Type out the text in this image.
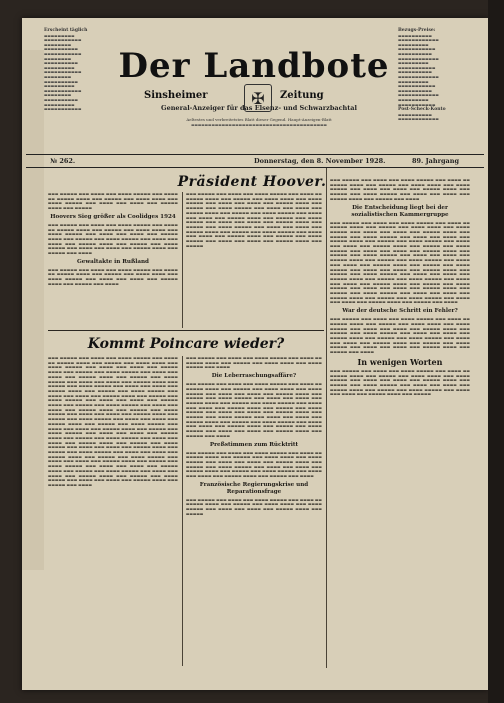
Erscheint täglich
▬▬▬▬▬▬▬▬▬
▬▬▬▬▬▬▬▬▬▬▬
▬▬▬▬▬▬▬▬
▬▬▬▬▬▬▬▬▬▬
▬▬▬▬▬▬▬▬▬▬▬
▬▬▬▬▬▬▬▬
▬▬▬▬▬▬▬▬▬▬
▬▬▬▬▬▬▬▬▬
▬▬▬▬▬▬▬▬▬▬▬
▬▬▬▬▬▬▬▬
▬▬▬▬▬▬▬▬▬▬
▬▬▬▬▬▬▬▬▬
▬▬▬▬▬▬▬▬▬▬▬
▬▬▬▬▬▬▬▬
▬▬▬▬▬▬▬▬▬▬
▬▬▬▬▬▬▬▬▬
▬▬▬▬▬▬▬▬▬▬▬
Der Landbote
Sinsheimer	✠	Zeitung
General-Anzeiger für das Elsenz- und Schwarzbachtal
Aeltestes und verbreitetstes Blatt dieser Gegend. Haupt-Anzeigen-Blatt
▬▬▬▬▬▬▬▬▬▬▬▬▬▬▬▬▬▬▬▬▬▬▬▬▬▬▬▬▬▬▬▬▬▬▬▬▬▬▬▬
Bezugs-Preise:
▬▬▬▬▬▬▬▬▬▬
▬▬▬▬▬▬▬▬▬▬▬▬
▬▬▬▬▬▬▬▬▬
▬▬▬▬▬▬▬▬▬▬▬
▬▬▬▬▬▬▬▬▬▬
▬▬▬▬▬▬▬▬▬▬▬▬
▬▬▬▬▬▬▬▬▬
▬▬▬▬▬▬▬▬▬▬▬
▬▬▬▬▬▬▬▬▬▬
▬▬▬▬▬▬▬▬▬▬▬▬
▬▬▬▬▬▬▬▬▬
▬▬▬▬▬▬▬▬▬▬▬
▬▬▬▬▬▬▬▬▬▬
▬▬▬▬▬▬▬▬▬▬▬▬
▬▬▬▬▬▬▬▬▬
▬▬▬▬▬▬▬▬▬▬▬
Post-Scheck-Konto
▬▬▬▬▬▬▬▬▬▬
▬▬▬▬▬▬▬▬▬▬▬▬
№ 262.	Donnerstag, den 8. November 1928.	89. Jahrgang
Präsident Hoover.
▬▬▬ ▬▬▬▬▬ ▬▬▬ ▬▬▬▬ ▬▬▬ ▬▬▬▬ ▬▬▬▬▬ ▬▬▬ ▬▬▬▬ ▬▬ ▬▬▬▬▬ ▬▬▬▬ ▬▬▬ ▬▬▬▬▬ ▬▬▬ ▬▬▬▬ ▬▬▬▬ ▬▬▬ ▬▬▬▬ ▬▬▬▬▬ ▬▬▬ ▬▬▬▬ ▬▬▬ ▬▬▬▬ ▬▬▬ ▬▬▬▬▬ ▬▬▬▬ ▬▬▬ ▬▬▬▬▬
Hoovers Sieg größer als Coolidges 1924
▬▬▬ ▬▬▬▬▬ ▬▬▬ ▬▬▬▬ ▬▬▬ ▬▬▬▬ ▬▬▬▬▬ ▬▬▬ ▬▬▬▬ ▬▬ ▬▬▬▬▬ ▬▬▬▬ ▬▬▬ ▬▬▬▬▬ ▬▬▬ ▬▬▬▬ ▬▬▬▬ ▬▬▬ ▬▬▬▬ ▬▬▬▬▬ ▬▬▬ ▬▬▬▬ ▬▬▬ ▬▬▬▬ ▬▬▬ ▬▬▬▬▬ ▬▬▬▬ ▬▬▬ ▬▬▬▬▬ ▬▬▬ ▬▬▬▬ ▬▬▬▬▬ ▬▬▬ ▬▬▬▬ ▬▬▬ ▬▬▬▬ ▬▬▬ ▬▬▬▬▬ ▬▬▬▬ ▬▬▬ ▬▬▬▬▬ ▬▬▬ ▬▬▬▬ ▬▬▬▬▬ ▬▬▬ ▬▬▬▬ ▬▬▬ ▬▬▬▬ ▬▬▬ ▬▬▬▬▬ ▬▬▬▬ ▬▬▬ ▬▬▬▬▬ ▬▬▬ ▬▬▬▬
Gewaltakte in Rußland
▬▬▬ ▬▬▬▬▬ ▬▬▬ ▬▬▬▬ ▬▬▬ ▬▬▬▬ ▬▬▬▬▬ ▬▬▬ ▬▬▬▬ ▬▬ ▬▬▬▬▬ ▬▬▬▬ ▬▬▬ ▬▬▬▬▬ ▬▬▬ ▬▬▬▬ ▬▬▬▬ ▬▬▬ ▬▬▬▬ ▬▬▬▬▬ ▬▬▬ ▬▬▬▬ ▬▬▬ ▬▬▬▬ ▬▬▬ ▬▬▬▬▬ ▬▬▬▬ ▬▬▬ ▬▬▬▬▬ ▬▬▬ ▬▬▬▬
▬▬▬ ▬▬▬▬▬ ▬▬▬ ▬▬▬▬ ▬▬▬ ▬▬▬▬ ▬▬▬▬▬ ▬▬▬ ▬▬▬▬ ▬▬ ▬▬▬▬▬ ▬▬▬▬ ▬▬▬ ▬▬▬▬▬ ▬▬▬ ▬▬▬▬ ▬▬▬▬ ▬▬▬ ▬▬▬▬ ▬▬▬▬▬ ▬▬▬ ▬▬▬▬ ▬▬▬ ▬▬▬▬ ▬▬▬ ▬▬▬▬▬ ▬▬▬▬ ▬▬▬ ▬▬▬▬▬ ▬▬▬ ▬▬▬▬ ▬▬▬▬▬ ▬▬▬ ▬▬▬▬ ▬▬▬ ▬▬▬▬ ▬▬▬ ▬▬▬▬▬ ▬▬▬▬ ▬▬▬ ▬▬▬▬▬ ▬▬▬ ▬▬▬▬ ▬▬▬▬▬ ▬▬▬ ▬▬▬▬ ▬▬▬ ▬▬▬▬ ▬▬▬ ▬▬▬▬▬ ▬▬▬▬ ▬▬▬ ▬▬▬▬▬ ▬▬▬ ▬▬▬▬ ▬▬▬▬▬ ▬▬▬ ▬▬▬▬ ▬▬▬ ▬▬▬▬ ▬▬▬ ▬▬▬▬▬ ▬▬▬▬ ▬▬▬ ▬▬▬▬▬ ▬▬▬ ▬▬▬▬ ▬▬▬▬▬ ▬▬▬ ▬▬▬▬ ▬▬▬ ▬▬▬▬ ▬▬▬ ▬▬▬▬▬ ▬▬▬▬ ▬▬▬ ▬▬▬▬▬ ▬▬▬ ▬▬▬▬ ▬▬▬▬▬ ▬▬▬ ▬▬▬▬ ▬▬▬ ▬▬▬▬ ▬▬▬ ▬▬▬▬▬ ▬▬▬▬ ▬▬▬ ▬▬▬▬▬ ▬▬▬ ▬▬▬▬ ▬▬▬▬▬ ▬▬▬ ▬▬▬▬ ▬▬▬ ▬▬▬▬ ▬▬▬ ▬▬▬▬▬ ▬▬▬▬ ▬▬▬ ▬▬▬▬▬
▬▬▬ ▬▬▬▬▬ ▬▬▬ ▬▬▬▬ ▬▬▬ ▬▬▬▬ ▬▬▬▬▬ ▬▬▬ ▬▬▬▬ ▬▬ ▬▬▬▬▬ ▬▬▬▬ ▬▬▬ ▬▬▬▬▬ ▬▬▬ ▬▬▬▬ ▬▬▬▬ ▬▬▬ ▬▬▬▬ ▬▬▬▬▬ ▬▬▬ ▬▬▬▬ ▬▬▬ ▬▬▬▬ ▬▬▬ ▬▬▬▬▬ ▬▬▬▬ ▬▬▬ ▬▬▬▬▬ ▬▬▬ ▬▬▬▬ ▬▬▬▬▬ ▬▬▬ ▬▬▬▬ ▬▬▬ ▬▬▬▬ ▬▬▬ ▬▬▬▬▬ ▬▬▬▬ ▬▬▬ ▬▬▬▬▬ ▬▬▬ ▬▬▬▬
Die Entscheidung liegt bei der sozialistischen Kammergruppe
▬▬▬ ▬▬▬▬▬ ▬▬▬ ▬▬▬▬ ▬▬▬ ▬▬▬▬ ▬▬▬▬▬ ▬▬▬ ▬▬▬▬ ▬▬ ▬▬▬▬▬ ▬▬▬▬ ▬▬▬ ▬▬▬▬▬ ▬▬▬ ▬▬▬▬ ▬▬▬▬ ▬▬▬ ▬▬▬▬ ▬▬▬▬▬ ▬▬▬ ▬▬▬▬ ▬▬▬ ▬▬▬▬ ▬▬▬ ▬▬▬▬▬ ▬▬▬▬ ▬▬▬ ▬▬▬▬▬ ▬▬▬ ▬▬▬▬ ▬▬▬▬▬ ▬▬▬ ▬▬▬▬ ▬▬▬ ▬▬▬▬ ▬▬▬ ▬▬▬▬▬ ▬▬▬▬ ▬▬▬ ▬▬▬▬▬ ▬▬▬ ▬▬▬▬ ▬▬▬▬▬ ▬▬▬ ▬▬▬▬ ▬▬▬ ▬▬▬▬ ▬▬▬ ▬▬▬▬▬ ▬▬▬▬ ▬▬▬ ▬▬▬▬▬ ▬▬▬ ▬▬▬▬ ▬▬▬▬▬ ▬▬▬ ▬▬▬▬ ▬▬▬ ▬▬▬▬ ▬▬▬ ▬▬▬▬▬ ▬▬▬▬ ▬▬▬ ▬▬▬▬▬ ▬▬▬ ▬▬▬▬ ▬▬▬▬▬ ▬▬▬ ▬▬▬▬ ▬▬▬ ▬▬▬▬ ▬▬▬ ▬▬▬▬▬ ▬▬▬▬ ▬▬▬ ▬▬▬▬▬ ▬▬▬ ▬▬▬▬ ▬▬▬▬▬ ▬▬▬ ▬▬▬▬ ▬▬▬ ▬▬▬▬ ▬▬▬ ▬▬▬▬▬ ▬▬▬▬ ▬▬▬ ▬▬▬▬▬ ▬▬▬ ▬▬▬▬ ▬▬▬▬▬ ▬▬▬ ▬▬▬▬ ▬▬▬ ▬▬▬▬ ▬▬▬ ▬▬▬▬▬ ▬▬▬▬ ▬▬▬ ▬▬▬▬▬ ▬▬▬ ▬▬▬▬ ▬▬▬▬▬ ▬▬▬ ▬▬▬▬ ▬▬▬ ▬▬▬▬ ▬▬▬ ▬▬▬▬▬ ▬▬▬▬ ▬▬▬ ▬▬▬▬▬ ▬▬▬ ▬▬▬▬ ▬▬▬▬▬ ▬▬▬ ▬▬▬▬ ▬▬▬ ▬▬▬▬ ▬▬▬ ▬▬▬▬▬ ▬▬▬▬ ▬▬▬ ▬▬▬▬▬ ▬▬▬ ▬▬▬▬ ▬▬▬▬▬ ▬▬▬ ▬▬▬▬ ▬▬▬ ▬▬▬▬ ▬▬▬ ▬▬▬▬▬ ▬▬▬▬ ▬▬▬ ▬▬▬▬▬ ▬▬▬ ▬▬▬▬ ▬▬▬▬▬ ▬▬▬ ▬▬▬▬ ▬▬▬ ▬▬▬▬ ▬▬▬ ▬▬▬▬▬ ▬▬▬▬ ▬▬▬ ▬▬▬▬▬ ▬▬▬ ▬▬▬▬ ▬▬▬▬▬ ▬▬▬ ▬▬▬▬ ▬▬▬ ▬▬▬▬ ▬▬▬ ▬▬▬▬▬ ▬▬▬▬ ▬▬▬ ▬▬▬▬▬ ▬▬▬ ▬▬▬▬
War der deutsche Schritt ein Fehler?
▬▬▬ ▬▬▬▬▬ ▬▬▬ ▬▬▬▬ ▬▬▬ ▬▬▬▬ ▬▬▬▬▬ ▬▬▬ ▬▬▬▬ ▬▬ ▬▬▬▬▬ ▬▬▬▬ ▬▬▬ ▬▬▬▬▬ ▬▬▬ ▬▬▬▬ ▬▬▬▬ ▬▬▬ ▬▬▬▬ ▬▬▬▬▬ ▬▬▬ ▬▬▬▬ ▬▬▬ ▬▬▬▬ ▬▬▬ ▬▬▬▬▬ ▬▬▬▬ ▬▬▬ ▬▬▬▬▬ ▬▬▬ ▬▬▬▬ ▬▬▬▬▬ ▬▬▬ ▬▬▬▬ ▬▬▬ ▬▬▬▬ ▬▬▬ ▬▬▬▬▬ ▬▬▬▬ ▬▬▬ ▬▬▬▬▬ ▬▬▬ ▬▬▬▬ ▬▬▬▬▬ ▬▬▬ ▬▬▬▬ ▬▬▬ ▬▬▬▬ ▬▬▬ ▬▬▬▬▬ ▬▬▬▬ ▬▬▬ ▬▬▬▬▬ ▬▬▬ ▬▬▬▬ ▬▬▬▬▬ ▬▬▬ ▬▬▬▬ ▬▬▬ ▬▬▬▬ ▬▬▬ ▬▬▬▬▬ ▬▬▬▬ ▬▬▬ ▬▬▬▬▬ ▬▬▬ ▬▬▬▬
In wenigen Worten
▬▬▬ ▬▬▬▬▬ ▬▬▬ ▬▬▬▬ ▬▬▬ ▬▬▬▬ ▬▬▬▬▬ ▬▬▬ ▬▬▬▬ ▬▬ ▬▬▬▬▬ ▬▬▬▬ ▬▬▬ ▬▬▬▬▬ ▬▬▬ ▬▬▬▬ ▬▬▬▬ ▬▬▬ ▬▬▬▬ ▬▬▬▬▬ ▬▬▬ ▬▬▬▬ ▬▬▬ ▬▬▬▬ ▬▬▬ ▬▬▬▬▬ ▬▬▬▬ ▬▬▬ ▬▬▬▬▬ ▬▬▬ ▬▬▬▬ ▬▬▬▬▬ ▬▬▬ ▬▬▬▬ ▬▬▬ ▬▬▬▬ ▬▬▬ ▬▬▬▬▬ ▬▬▬▬ ▬▬▬ ▬▬▬▬▬ ▬▬▬ ▬▬▬▬ ▬▬▬▬▬ ▬▬▬ ▬▬▬▬ ▬▬▬ ▬▬▬▬ ▬▬▬ ▬▬▬▬▬ ▬▬▬▬ ▬▬▬ ▬▬▬▬▬
Kommt Poincare wieder?
▬▬▬ ▬▬▬▬▬ ▬▬▬ ▬▬▬▬ ▬▬▬ ▬▬▬▬ ▬▬▬▬▬ ▬▬▬ ▬▬▬▬ ▬▬ ▬▬▬▬▬ ▬▬▬▬ ▬▬▬ ▬▬▬▬▬ ▬▬▬ ▬▬▬▬ ▬▬▬▬ ▬▬▬ ▬▬▬▬ ▬▬▬▬▬ ▬▬▬ ▬▬▬▬ ▬▬▬ ▬▬▬▬ ▬▬▬ ▬▬▬▬▬ ▬▬▬▬ ▬▬▬ ▬▬▬▬▬ ▬▬▬ ▬▬▬▬ ▬▬▬▬▬ ▬▬▬ ▬▬▬▬ ▬▬▬ ▬▬▬▬ ▬▬▬ ▬▬▬▬▬ ▬▬▬▬ ▬▬▬ ▬▬▬▬▬ ▬▬▬ ▬▬▬▬ ▬▬▬▬▬ ▬▬▬ ▬▬▬▬ ▬▬▬ ▬▬▬▬ ▬▬▬ ▬▬▬▬▬ ▬▬▬▬ ▬▬▬ ▬▬▬▬▬ ▬▬▬ ▬▬▬▬ ▬▬▬▬▬ ▬▬▬ ▬▬▬▬ ▬▬▬ ▬▬▬▬ ▬▬▬ ▬▬▬▬▬ ▬▬▬▬ ▬▬▬ ▬▬▬▬▬ ▬▬▬ ▬▬▬▬ ▬▬▬▬▬ ▬▬▬ ▬▬▬▬ ▬▬▬ ▬▬▬▬ ▬▬▬ ▬▬▬▬▬ ▬▬▬▬ ▬▬▬ ▬▬▬▬▬ ▬▬▬ ▬▬▬▬ ▬▬▬▬▬ ▬▬▬ ▬▬▬▬ ▬▬▬ ▬▬▬▬ ▬▬▬ ▬▬▬▬▬ ▬▬▬▬ ▬▬▬ ▬▬▬▬▬ ▬▬▬ ▬▬▬▬ ▬▬▬▬▬ ▬▬▬ ▬▬▬▬ ▬▬▬ ▬▬▬▬ ▬▬▬ ▬▬▬▬▬ ▬▬▬▬ ▬▬▬ ▬▬▬▬▬ ▬▬▬ ▬▬▬▬ ▬▬▬▬▬ ▬▬▬ ▬▬▬▬ ▬▬▬ ▬▬▬▬ ▬▬▬ ▬▬▬▬▬ ▬▬▬▬ ▬▬▬ ▬▬▬▬▬ ▬▬▬ ▬▬▬▬ ▬▬▬▬▬ ▬▬▬ ▬▬▬▬ ▬▬▬ ▬▬▬▬ ▬▬▬ ▬▬▬▬▬ ▬▬▬▬ ▬▬▬ ▬▬▬▬▬ ▬▬▬ ▬▬▬▬ ▬▬▬▬▬ ▬▬▬ ▬▬▬▬ ▬▬▬ ▬▬▬▬ ▬▬▬ ▬▬▬▬▬ ▬▬▬▬ ▬▬▬ ▬▬▬▬▬ ▬▬▬ ▬▬▬▬ ▬▬▬▬▬ ▬▬▬ ▬▬▬▬ ▬▬▬ ▬▬▬▬ ▬▬▬ ▬▬▬▬▬ ▬▬▬▬ ▬▬▬ ▬▬▬▬▬ ▬▬▬ ▬▬▬▬ ▬▬▬▬▬ ▬▬▬ ▬▬▬▬ ▬▬▬ ▬▬▬▬ ▬▬▬ ▬▬▬▬▬ ▬▬▬▬ ▬▬▬ ▬▬▬▬▬ ▬▬▬ ▬▬▬▬ ▬▬▬▬▬ ▬▬▬ ▬▬▬▬ ▬▬▬ ▬▬▬▬ ▬▬▬ ▬▬▬▬▬ ▬▬▬▬ ▬▬▬ ▬▬▬▬▬ ▬▬▬ ▬▬▬▬ ▬▬▬▬▬ ▬▬▬ ▬▬▬▬ ▬▬▬ ▬▬▬▬ ▬▬▬ ▬▬▬▬▬ ▬▬▬▬ ▬▬▬ ▬▬▬▬▬ ▬▬▬ ▬▬▬▬ ▬▬▬▬▬ ▬▬▬ ▬▬▬▬ ▬▬▬ ▬▬▬▬ ▬▬▬ ▬▬▬▬▬ ▬▬▬▬ ▬▬▬ ▬▬▬▬▬ ▬▬▬ ▬▬▬▬ ▬▬▬▬▬ ▬▬▬ ▬▬▬▬ ▬▬▬ ▬▬▬▬ ▬▬▬ ▬▬▬▬▬ ▬▬▬▬ ▬▬▬ ▬▬▬▬▬ ▬▬▬ ▬▬▬▬ ▬▬▬▬▬ ▬▬▬ ▬▬▬▬ ▬▬▬ ▬▬▬▬ ▬▬▬ ▬▬▬▬▬ ▬▬▬▬ ▬▬▬ ▬▬▬▬▬ ▬▬▬ ▬▬▬▬ ▬▬▬▬▬ ▬▬▬ ▬▬▬▬ ▬▬▬ ▬▬▬▬ ▬▬▬ ▬▬▬▬▬ ▬▬▬▬ ▬▬▬ ▬▬▬▬▬ ▬▬▬ ▬▬▬▬
▬▬▬ ▬▬▬▬▬ ▬▬▬ ▬▬▬▬ ▬▬▬ ▬▬▬▬ ▬▬▬▬▬ ▬▬▬ ▬▬▬▬ ▬▬ ▬▬▬▬▬ ▬▬▬▬ ▬▬▬ ▬▬▬▬▬ ▬▬▬ ▬▬▬▬ ▬▬▬▬ ▬▬▬ ▬▬▬▬ ▬▬▬▬▬ ▬▬▬ ▬▬▬▬
Die Leberraschungsaffäre?
▬▬▬ ▬▬▬▬▬ ▬▬▬ ▬▬▬▬ ▬▬▬ ▬▬▬▬ ▬▬▬▬▬ ▬▬▬ ▬▬▬▬ ▬▬ ▬▬▬▬▬ ▬▬▬▬ ▬▬▬ ▬▬▬▬▬ ▬▬▬ ▬▬▬▬ ▬▬▬▬ ▬▬▬ ▬▬▬▬ ▬▬▬▬▬ ▬▬▬ ▬▬▬▬ ▬▬▬ ▬▬▬▬ ▬▬▬ ▬▬▬▬▬ ▬▬▬▬ ▬▬▬ ▬▬▬▬▬ ▬▬▬ ▬▬▬▬ ▬▬▬▬▬ ▬▬▬ ▬▬▬▬ ▬▬▬ ▬▬▬▬ ▬▬▬ ▬▬▬▬▬ ▬▬▬▬ ▬▬▬ ▬▬▬▬▬ ▬▬▬ ▬▬▬▬ ▬▬▬▬▬ ▬▬▬ ▬▬▬▬ ▬▬▬ ▬▬▬▬ ▬▬▬ ▬▬▬▬▬ ▬▬▬▬ ▬▬▬ ▬▬▬▬▬ ▬▬▬ ▬▬▬▬ ▬▬▬▬▬ ▬▬▬ ▬▬▬▬ ▬▬▬ ▬▬▬▬ ▬▬▬ ▬▬▬▬▬ ▬▬▬▬ ▬▬▬ ▬▬▬▬▬ ▬▬▬ ▬▬▬▬ ▬▬▬▬▬ ▬▬▬ ▬▬▬▬ ▬▬▬ ▬▬▬▬ ▬▬▬ ▬▬▬▬▬ ▬▬▬▬ ▬▬▬ ▬▬▬▬▬ ▬▬▬ ▬▬▬▬ ▬▬▬▬▬ ▬▬▬ ▬▬▬▬ ▬▬▬ ▬▬▬▬ ▬▬▬ ▬▬▬▬▬ ▬▬▬▬ ▬▬▬ ▬▬▬▬▬ ▬▬▬ ▬▬▬▬ ▬▬▬▬▬ ▬▬▬ ▬▬▬▬ ▬▬▬ ▬▬▬▬ ▬▬▬ ▬▬▬▬▬ ▬▬▬▬ ▬▬▬ ▬▬▬▬▬ ▬▬▬ ▬▬▬▬
Preßstimmen zum Rücktritt
▬▬▬ ▬▬▬▬▬ ▬▬▬ ▬▬▬▬ ▬▬▬ ▬▬▬▬ ▬▬▬▬▬ ▬▬▬ ▬▬▬▬ ▬▬ ▬▬▬▬▬ ▬▬▬▬ ▬▬▬ ▬▬▬▬▬ ▬▬▬ ▬▬▬▬ ▬▬▬▬ ▬▬▬ ▬▬▬▬ ▬▬▬▬▬ ▬▬▬ ▬▬▬▬ ▬▬▬ ▬▬▬▬ ▬▬▬ ▬▬▬▬▬ ▬▬▬▬ ▬▬▬ ▬▬▬▬▬ ▬▬▬ ▬▬▬▬ ▬▬▬▬▬ ▬▬▬ ▬▬▬▬ ▬▬▬ ▬▬▬▬ ▬▬▬ ▬▬▬▬▬ ▬▬▬▬ ▬▬▬ ▬▬▬▬▬ ▬▬▬ ▬▬▬▬ ▬▬▬▬▬ ▬▬▬ ▬▬▬▬ ▬▬▬ ▬▬▬▬ ▬▬▬ ▬▬▬▬▬ ▬▬▬▬ ▬▬▬ ▬▬▬▬▬ ▬▬▬ ▬▬▬▬
Französische Regierungskrise und Reparationsfrage
▬▬▬ ▬▬▬▬▬ ▬▬▬ ▬▬▬▬ ▬▬▬ ▬▬▬▬ ▬▬▬▬▬ ▬▬▬ ▬▬▬▬ ▬▬ ▬▬▬▬▬ ▬▬▬▬ ▬▬▬ ▬▬▬▬▬ ▬▬▬ ▬▬▬▬ ▬▬▬▬ ▬▬▬ ▬▬▬▬ ▬▬▬▬▬ ▬▬▬ ▬▬▬▬ ▬▬▬ ▬▬▬▬ ▬▬▬ ▬▬▬▬▬ ▬▬▬▬ ▬▬▬ ▬▬▬▬▬
